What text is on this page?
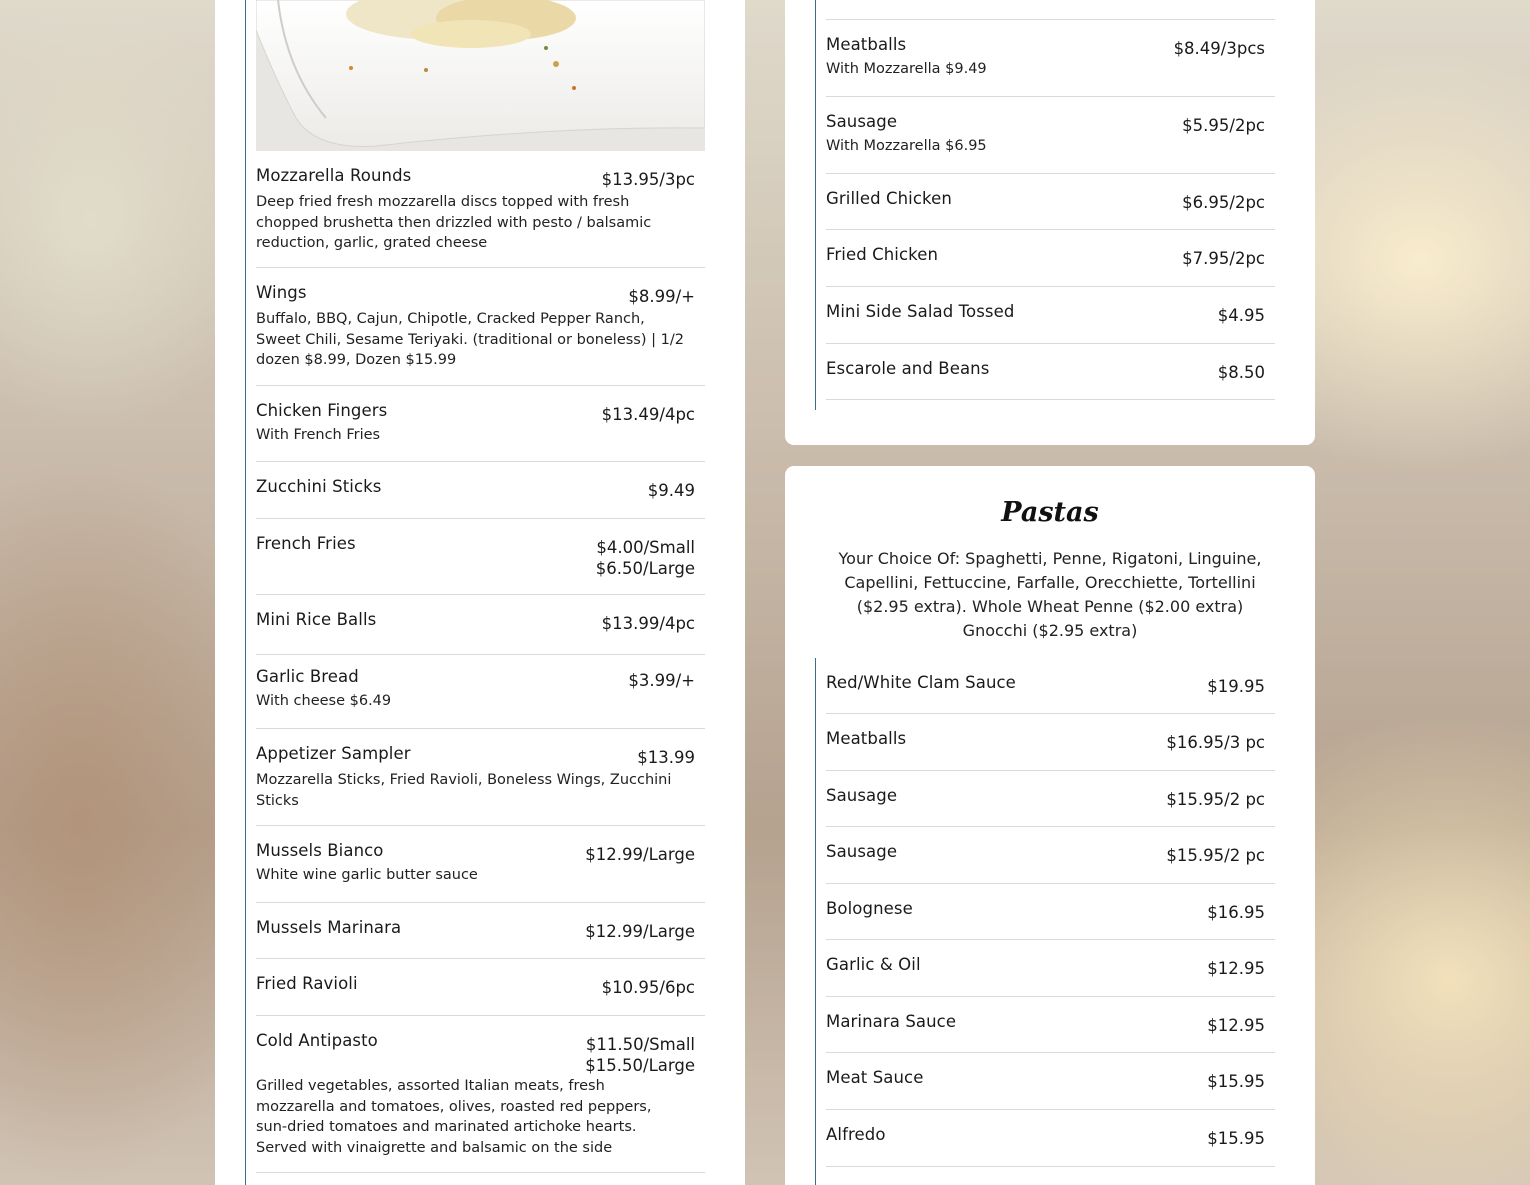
Mozzarella Rounds	$13.95/3pc
Deep fried fresh mozzarella discs topped with fresh chopped brushetta then drizzled with pesto / balsamic reduction, garlic, grated cheese
Wings	$8.99/+
Buffalo, BBQ, Cajun, Chipotle, Cracked Pepper Ranch, Sweet Chili, Sesame Teriyaki. (traditional or boneless) | 1/2 dozen $8.99, Dozen $15.99
Chicken Fingers	$13.49/4pc
With French Fries
Zucchini Sticks	$9.49
French Fries	$4.00/Small
$6.50/Large
Mini Rice Balls	$13.99/4pc
Garlic Bread	$3.99/+
With cheese $6.49
Appetizer Sampler	$13.99
Mozzarella Sticks, Fried Ravioli, Boneless Wings, Zucchini Sticks
Mussels Bianco	$12.99/Large
White wine garlic butter sauce
Mussels Marinara	$12.99/Large
Fried Ravioli	$10.95/6pc
Cold Antipasto	$11.50/Small
$15.50/Large
Grilled vegetables, assorted Italian meats, fresh mozzarella and tomatoes, olives, roasted red peppers, sun-dried tomatoes and marinated artichoke hearts. Served with vinaigrette and balsamic on the side
Meatballs	$8.49/3pcs
With Mozzarella $9.49
Sausage	$5.95/2pc
With Mozzarella $6.95
Grilled Chicken	$6.95/2pc
Fried Chicken	$7.95/2pc
Mini Side Salad Tossed	$4.95
Escarole and Beans	$8.50
Pastas
Your Choice Of: Spaghetti, Penne, Rigatoni, Linguine, Capellini, Fettuccine, Farfalle, Orecchiette, Tortellini ($2.95 extra). Whole Wheat Penne ($2.00 extra) Gnocchi ($2.95 extra)
Red/White Clam Sauce	$19.95
Meatballs	$16.95/3 pc
Sausage	$15.95/2 pc
Sausage	$15.95/2 pc
Bolognese	$16.95
Garlic & Oil	$12.95
Marinara Sauce	$12.95
Meat Sauce	$15.95
Alfredo	$15.95
